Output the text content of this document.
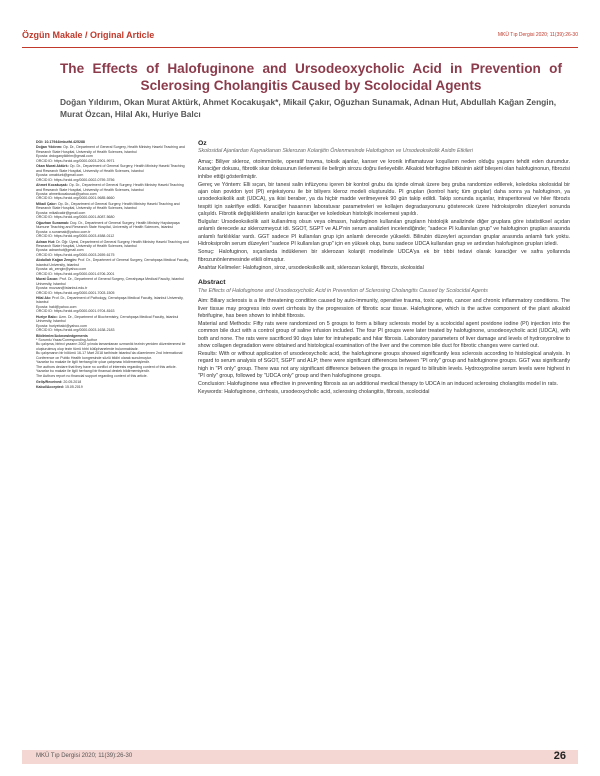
Özgün Makale / Original Article	MKÜ Tıp Dergisi 2020; 11(39):26-30
The Effects of Halofuginone and Ursodeoxycholic Acid in Prevention of Sclerosing Cholangitis Caused by Scolocidal Agents
Doğan Yıldırım, Okan Murat Aktürk, Ahmet Kocakuşak*, Mikail Çakır, Oğuzhan Sunamak, Adnan Hut, Abdullah Kağan Zengin, Murat Özcan, Hilal Akı, Huriye Balcı
DOI: 10.17944/mkutfd.425288
Doğan Yıldırım: Op. Dr., Department of General Surgery, Health Ministry Haseki Teaching and Research State Hospital, University of Health Sciences, Istanbul
Eposta: drdoganyildirim@gmail.com
ORCID ID: https://orcid.org/0000-0003-2901-9971
Okan Murat Aktürk: Op. Dr., Department of General Surgery, Health Ministry Haseki Teaching and Research State Hospital, University of Health Sciences, Istanbul
Eposta: omakturk@gmail.com
ORCID ID: https://orcid.org/0000-0002-0759-3756
Ahmet Kocakuşak: Op. Dr., Department of General Surgery, Health Ministry Haseki Teaching and Research State Hospital, University of Health Sciences, Istanbul
Eposta: ahmetkocakusak@yahoo.com
ORCID ID: https://orcid.org/0000-0001-9685-6660
Mikail Çakır: Op. Dr., Department of General Surgery, Health Ministry Haseki Teaching and Research State Hospital, University of Health Sciences, Istanbul
Eposta: mikailcakir@gmail.com
ORCID ID: https://orcid.org/0000-0001-8087-5680
Oğuzhan Sunamak: Doç. Dr., Department of General Surgery, Health Ministry Haydarpaşa Numune Teaching and Research State Hospital, University of Health Sciences, Istanbul
Eposta: o.sunamak@yahoo.com.tr
ORCID ID: https://orcid.org/0000-0003-4588-0112
Adnan Hut: Dr. Öğr. Üyesi, Department of General Surgery, Health Ministry Haseki Teaching and Research State Hospital, University of Health Sciences, Istanbul
Eposta: adnanhut@gmail.com
ORCID ID: https://orcid.org/0000-0003-2659-6175
Abdullah Kağan Zengin: Prof. Dr., Department of General Surgery, Cerrahpaşa Medical Faculty, Istanbul University, Istanbul
Eposta: ak_zengin@yahoo.com
ORCID ID: https://orcid.org/0000-0001-6706-2001
Murat Özcan: Prof. Dr., Department of General Surgery, Cerrahpaşa Medical Faculty, Istanbul University, Istanbul
Eposta: mozcan@istanbul.edu.tr
ORCID ID: https://orcid.org/0000-0001-7003-1505
Hilal Akı: Prof. Dr., Department of Pathology, Cerrahpaşa Medical Faculty, Istanbul University, Istanbul
Eposta: hakl@yahoo.com
ORCID ID: https://orcid.org/0000-0001-9704-8163
Huriye Balcı: Uzm. Dr., Department of Biochemistry, Cerrahpaşa Medical Faculty, Istanbul University, Istanbul
Eposta: huriyebalci@yahoo.com
ORCID ID: https://orcid.org/0000-0003-1638-2183
Bildirimler/Acknowledgements
* Sorumlu Yazar/Corresponding Author
Bu çalışma, birinci yazarın 2002 yılında tamamlanan uzmanlık tezinin yeniden düzenlenmesi ile oluşturulmuş olup tezin tümü tıbbi kütüphanelerde bulunmaktadır.
Bu çalışmanın bir bölümü 16-17 Mart 2018 tarihinde İstanbul'da düzenlenen 2nd International Conference on Public Health kongresinde sözlü bildiri olarak sunulmuştur.
Yazarlar bu makale ile ilgili herhangi bir çıkar çatışması bildirmemişlerdir.
The authors declare that they have no conflict of interests regarding content of this article.
Yazarlar bu makale ile ilgili herhangi bir finansal destek bildirmemişlerdir.
The Authors report no financial support regarding content of this article.
Geliş/Received: 20.05.2018
Kabul/Accepted: 15.05.2019
Öz
Skolosidal Ajanlardan Kaynaklanan Sklerozan Kolanjitin Önlenmesinde Halofuginon ve Ursodeoksikolik Asidin Etkileri

Amaç: Biliyer skleroz, otoimmünite, operatif travma, toksik ajanlar, kanser ve kronik inflamatuvar koşulların neden olduğu yaşamı tehdit eden durumdur. Karaciğer dokusu, fibrotik skar dokusunun ilerlemesi ile belirgin sirozu doğru ilerleyebilir. Alkaloid febrifugine bitkisinin aktif bileşeni olan halofuginonun, fibrozisi inhibe ettiği gösterilmiştir.

Gereç ve Yöntem: Elli sıçan, bir tanesi salin infüzyonu içeren bir kontrol grubu da içinde olmak üzere beş gruba randomize edilerek, koledoka skolosidal bir ajan olan povidon iyot (PI) enjeksiyonu ile bir biliyers kleroz modeli oluşturuldu. PI grupları (kontrol hariç tüm gruplar) daha sonra ya halofuginon, ya ursodeoksikolik asit (UDCA), ya ikisi beraber, ya da hiçbir madde verilmeyerek 90 gün takip edildi. Takip sonunda sıçanlar, intraperitoneal ve hiler fibrozis tespiti için sakrifiye edildi. Karaciğer hasarının laboratuvar parametreleri ve kollajen degradasyonunu gösterecek üzere hidroksiprolin düzeyleri sonunda çalışıldı. Fibrotik değişikliklerin analizi için karaciğer ve koledokun histolojik incelemesi yapıldı.

Bulgular: Ursodeoksikolik asit kullanılmış olsun veya olmasın, halofuginon kullanılan grupların histolojik analizinde diğer gruplara göre istatistiksel açıdan anlamlı derecede az sklerozmeycut idi. SGOT, SGPT ve ALP'nin serum analizleri incelendiğinde; "sadece PI kullanılan grup" ve halofuginon grupları arasında anlamlı farklılıklar vardı. GGT sadece PI kullanılan grup için anlamlı derecede yüksekti. Bilirubin düzeyleri açısından gruplar arasında anlamlı fark yoktu. Hidroksiprolin serum düzeyleri "sadece PI kullanılan grup" için en yüksek olup, bunu sadece UDCA kullanılan grup ve ardından halofuginon grupları izledi.

Sonuç: Halofuginon, sıçanlarda indüklenen bir sklerozan kolanjit modelinde UDCA'ya ek bir tıbbi tedavi olarak karaciğer ve safra yollarında fibrozunönlenmesinde etkili olmuştur.

Anahtar Kelimeler: Halofuginon, siroz, ursodeoksikolik asit, sklerozan kolanjit, fibrozis, skolosidal

Abstract
The Effects of Halofuginone and Ursodeoxycholic Acid in Prevention of Sclerosing Cholangitis Caused by Scolocidal Agents

Aim: Biliary sclerosis is a life threatening condition caused by auto-immunity, operative trauma, toxic agents, cancer and chronic inflammatory conditions. The liver tissue may progress into overt cirrhosis by the progression of fibrotic scar tissue. Halofuginone, which is the active component of the plant alkaloid febrifugine, has been shown to inhibit fibrosis.

Material and Methods: Fifty rats were randomized on 5 groups to form a biliary sclerosis model by a scolocidal agent povidone iodine (PI) injection into the common bile duct with a control group of saline infusion included. The four PI groups were later treated by halofuginone, ursodeoxycholic acid (UDCA), with both and none. The rats were sacrificed 90 days later for intrahepatic and hilar fibrosis. Laboratory parameters of liver damage and levels of hydroxyproline to show collagen degradation were obtained and histological examination of the liver and the common bile duct for fibrotic changes were carried out.

Results: With or without application of ursodeoxycholic acid, the halofuginone groups showed significantly less sclerosis according to histological analysis. In regard to serum analysis of SGOT, SGPT and ALP; there were significant differences between "PI only" group and halofuginone groups. GGT was significantly high in "PI only" group. There was not any significant difference between the groups in regard to bilirubin levels. Hydroxyproline serum levels were highest in "PI only" group, followed by "UDCA only" group and then halofuginone groups.

Conclusion: Halofuginone was effective in preventing fibrosis as an additional medical therapy to UDCA in an induced sclerosing cholangitis model in rats.

Keywords: Halofuginone, cirrhosis, ursodeoxycholic acid, sclerosing cholangitis, fibrosis, scolocidal

MKÜ Tıp Dergisi 2020; 11(39):26-30	26
